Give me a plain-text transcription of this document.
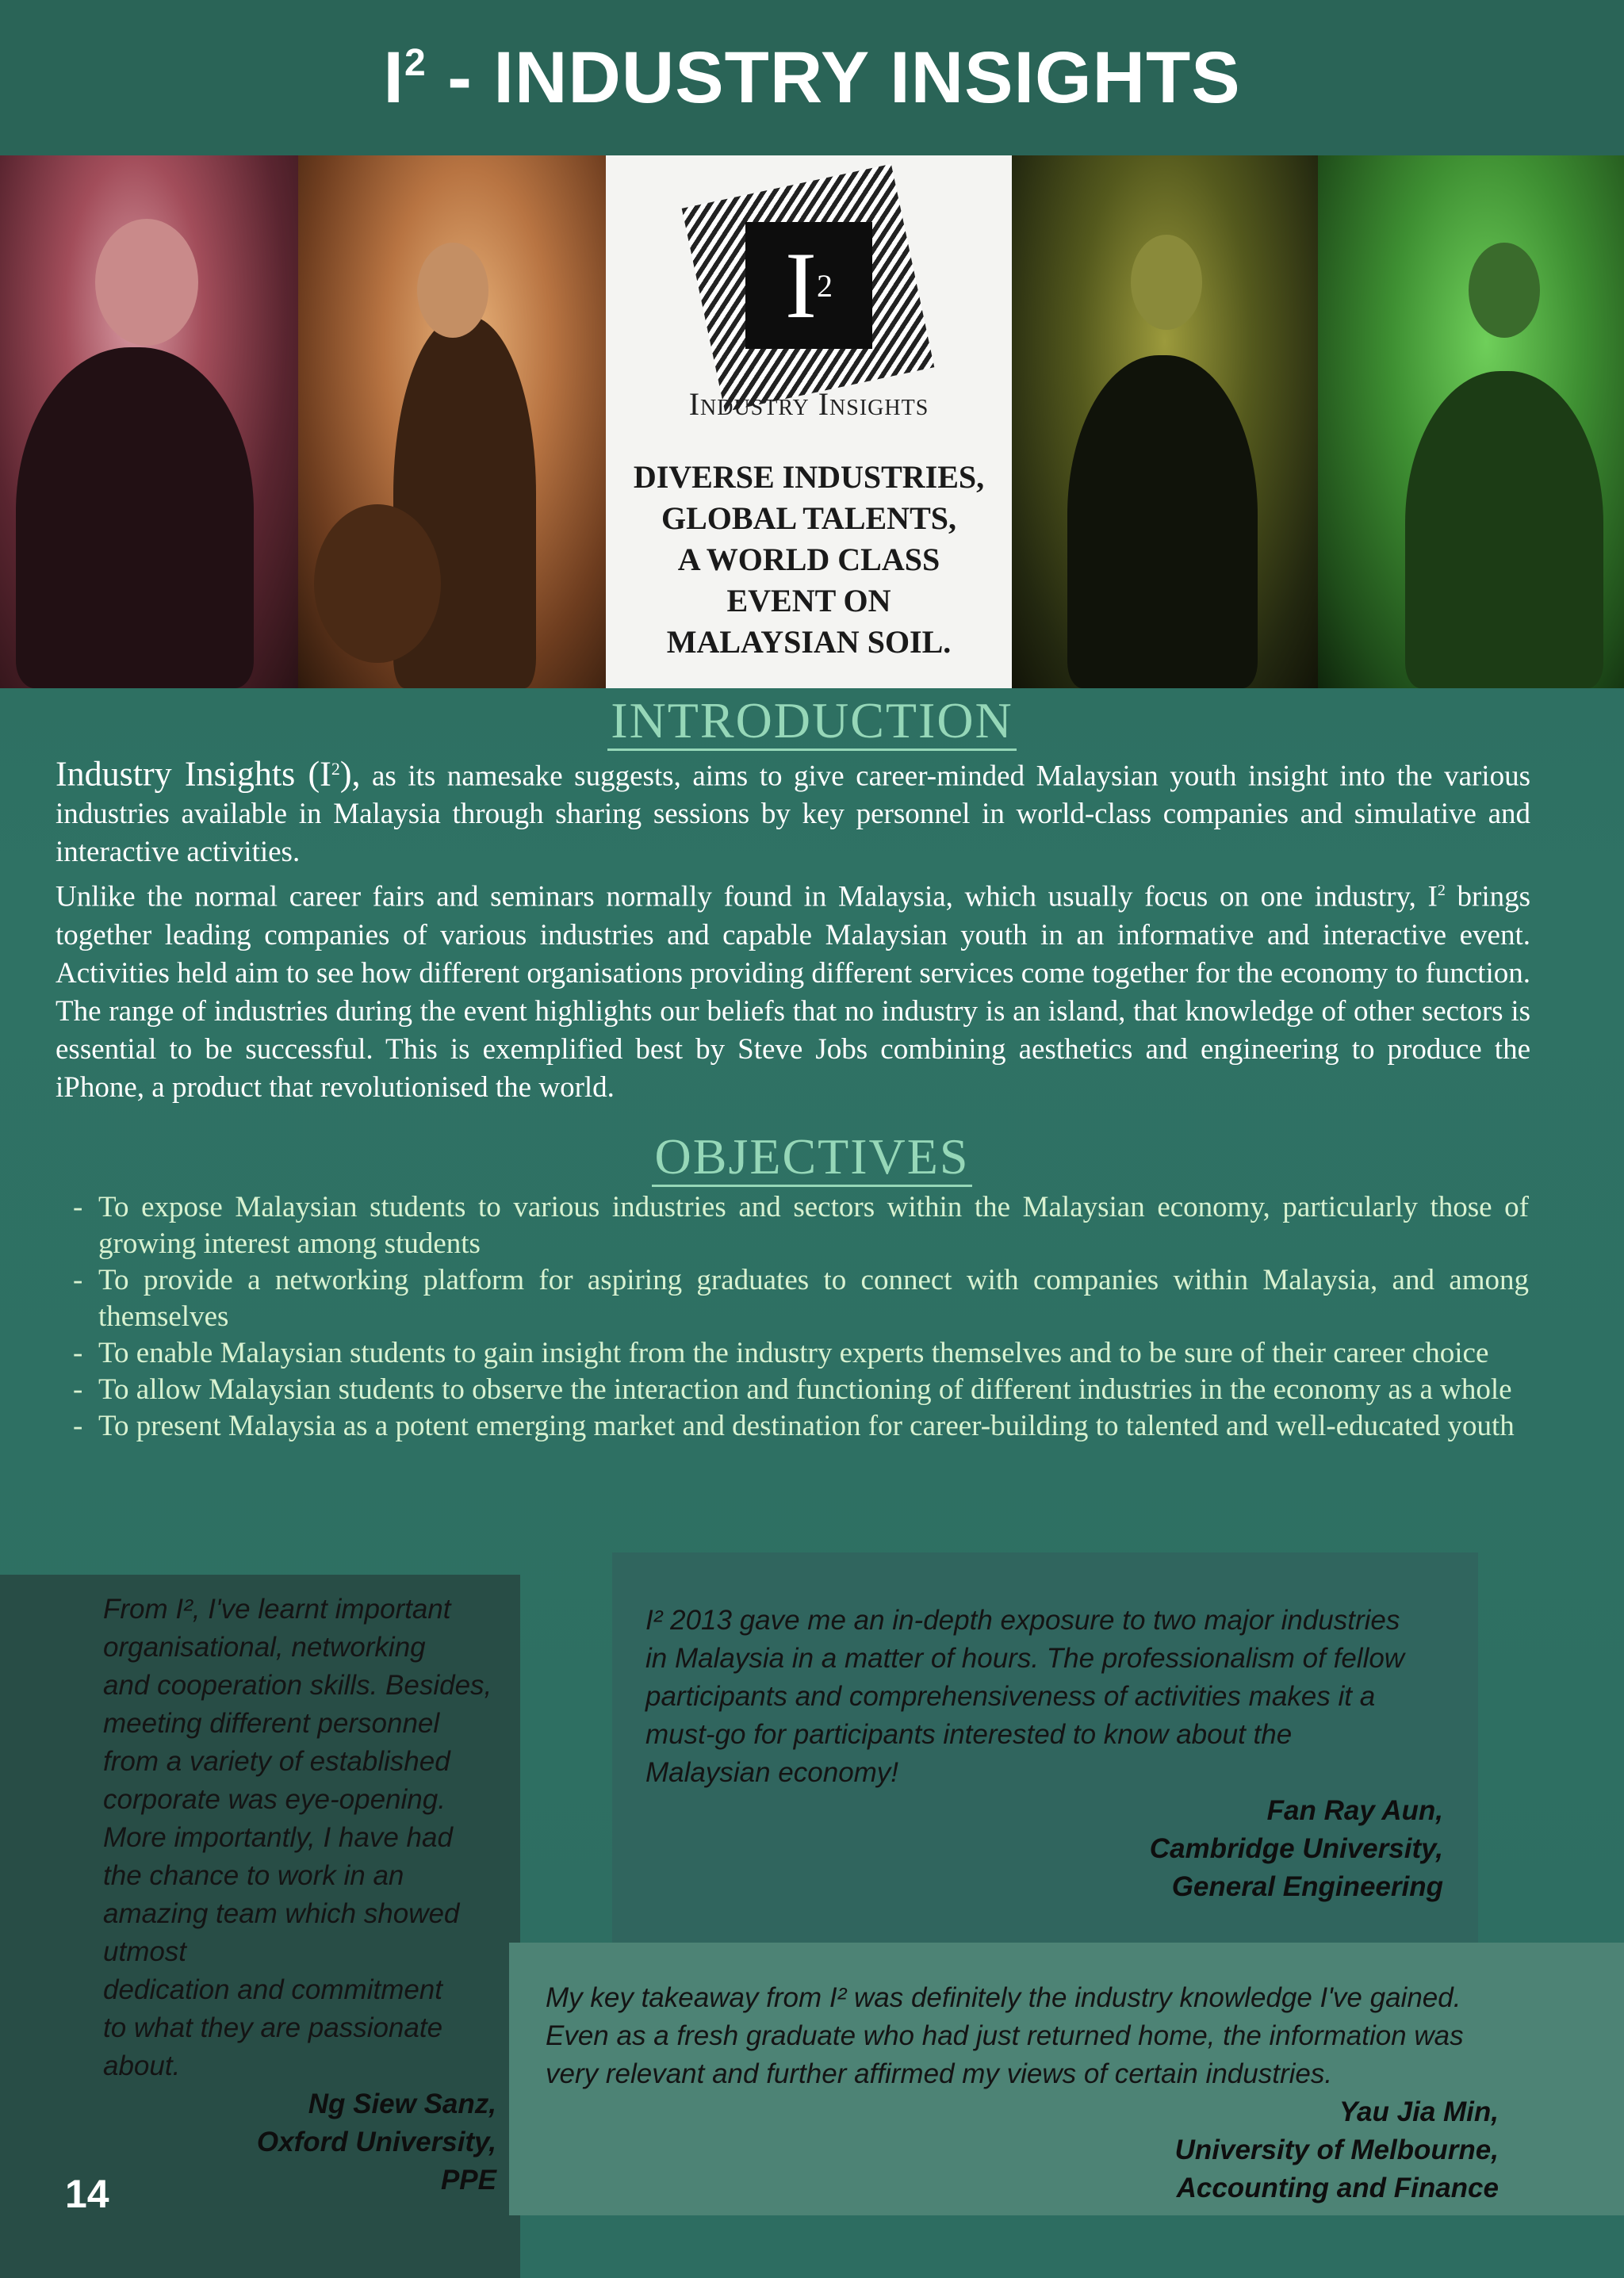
$I^2$ - INDUSTRY INSIGHTS
I 2
Industry Insights
DIVERSE INDUSTRIES,
GLOBAL TALENTS,
A WORLD CLASS
EVENT ON
MALAYSIAN SOIL.
INTRODUCTION

Industry Insights $(I^2)$, as its namesake suggests, aims to give career-minded Malaysian youth insight into the various industries available in Malaysia through sharing sessions by key personnel in world-class companies and simulative and interactive activities.

Unlike the normal career fairs and seminars normally found in Malaysia, which usually focus on one industry, $I^2$ brings together leading companies of various industries and capable Malaysian youth in an informative and interactive event. Activities held aim to see how different organisations providing different services come together for the economy to function. The range of industries during the event highlights our beliefs that no industry is an island, that knowledge of other sectors is essential to be successful. This is exemplified best by Steve Jobs combining aesthetics and engineering to produce the iPhone, a product that revolutionised the world.

OBJECTIVES
- To expose Malaysian students to various industries and sectors within the Malaysian economy, particularly those of growing interest among students
- To provide a networking platform for aspiring graduates to connect with companies within Malaysia, and among themselves
- To enable Malaysian students to gain insight from the industry experts themselves and to be sure of their career choice
- To allow Malaysian students to observe the interaction and functioning of different industries in the economy as a whole
- To present Malaysia as a potent emerging market and destination for career-building to talented and well-educated youth

From I², I've learnt important

organisational, networking

and cooperation skills. Besides,

meeting different personnel

from a variety of established

corporate was eye-opening.

More importantly, I have had

the chance to work in an

amazing team which showed

utmost

dedication and commitment

to what they are passionate

about.

Ng Siew Sanz,
Oxford University,
PPE

I² 2013 gave me an in-depth exposure to two major industries

in Malaysia in a matter of hours. The professionalism of fellow

participants and comprehensiveness of activities makes it a

must-go for participants interested to know about the

Malaysian economy!

Fan Ray Aun,
Cambridge University,
General Engineering

My key takeaway from I² was definitely the industry knowledge I've gained.

Even as a fresh graduate who had just returned home, the information was

very relevant and further affirmed my views of certain industries.

Yau Jia Min,
University of Melbourne,
Accounting and Finance
14
